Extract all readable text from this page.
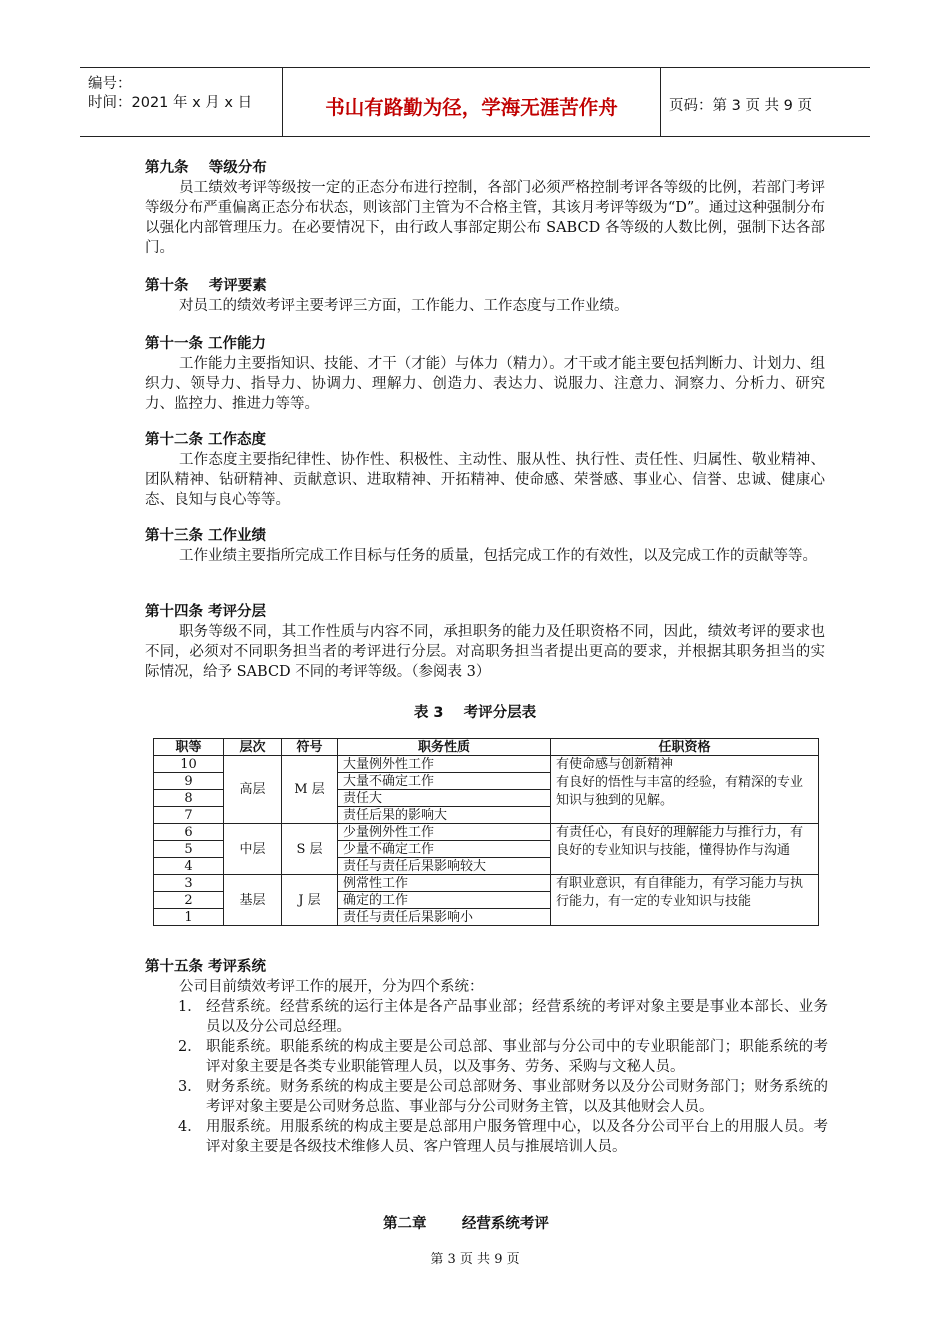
编号：
时间：2021 年 x 月 x 日	书山有路勤为径，学海无涯苦作舟	页码：第 3 页 共 9 页
第九条    等级分布
员工绩效考评等级按一定的正态分布进行控制，各部门必须严格控制考评各等级的比例，若部门考评等级分布严重偏离正态分布状态，则该部门主管为不合格主管，其该月考评等级为“D”。通过这种强制分布以强化内部管理压力。在必要情况下，由行政人事部定期公布 SABCD 各等级的人数比例，强制下达各部门。
第十条    考评要素
对员工的绩效考评主要考评三方面，工作能力、工作态度与工作业绩。
第十一条 工作能力
工作能力主要指知识、技能、才干（才能）与体力（精力）。才干或才能主要包括判断力、计划力、组织力、领导力、指导力、协调力、理解力、创造力、表达力、说服力、注意力、洞察力、分析力、研究力、监控力、推进力等等。
第十二条 工作态度
工作态度主要指纪律性、协作性、积极性、主动性、服从性、执行性、责任性、归属性、敬业精神、团队精神、钻研精神、贡献意识、进取精神、开拓精神、使命感、荣誉感、事业心、信誉、忠诚、健康心态、良知与良心等等。
第十三条 工作业绩
工作业绩主要指所完成工作目标与任务的质量，包括完成工作的有效性，以及完成工作的贡献等等。
第十四条 考评分层
职务等级不同，其工作性质与内容不同，承担职务的能力及任职资格不同，因此，绩效考评的要求也不同，必须对不同职务担当者的考评进行分层。对高职务担当者提出更高的要求，并根据其职务担当的实际情况，给予 SABCD 不同的考评等级。（参阅表 3）
表 3    考评分层表
职等	层次	符号	职务性质	任职资格
10	高层	M 层	大量例外性工作	有使命感与创新精神
有良好的悟性与丰富的经验，有精深的专业知识与独到的见解。
9			大量不确定工作	
8			责任大	
7			责任后果的影响大	
6	中层	S 层	少量例外性工作	有责任心，有良好的理解能力与推行力，有良好的专业知识与技能，懂得协作与沟通
5			少量不确定工作	
4			责任与责任后果影响较大	
3	基层	J 层	例常性工作	有职业意识，有自律能力，有学习能力与执行能力，有一定的专业知识与技能
2			确定的工作	
1			责任与责任后果影响小	
第十五条 考评系统
公司目前绩效考评工作的展开，分为四个系统：
1． 经营系统。经营系统的运行主体是各产品事业部；经营系统的考评对象主要是事业本部长、业务员以及分公司总经理。
2． 职能系统。职能系统的构成主要是公司总部、事业部与分公司中的专业职能部门；职能系统的考评对象主要是各类专业职能管理人员，以及事务、劳务、采购与文秘人员。
3． 财务系统。财务系统的构成主要是公司总部财务、事业部财务以及分公司财务部门；财务系统的考评对象主要是公司财务总监、事业部与分公司财务主管，以及其他财会人员。
4． 用服系统。用服系统的构成主要是总部用户服务管理中心，以及各分公司平台上的用服人员。考评对象主要是各级技术维修人员、客户管理人员与推展培训人员。
第二章       经营系统考评
第 3 页 共 9 页
